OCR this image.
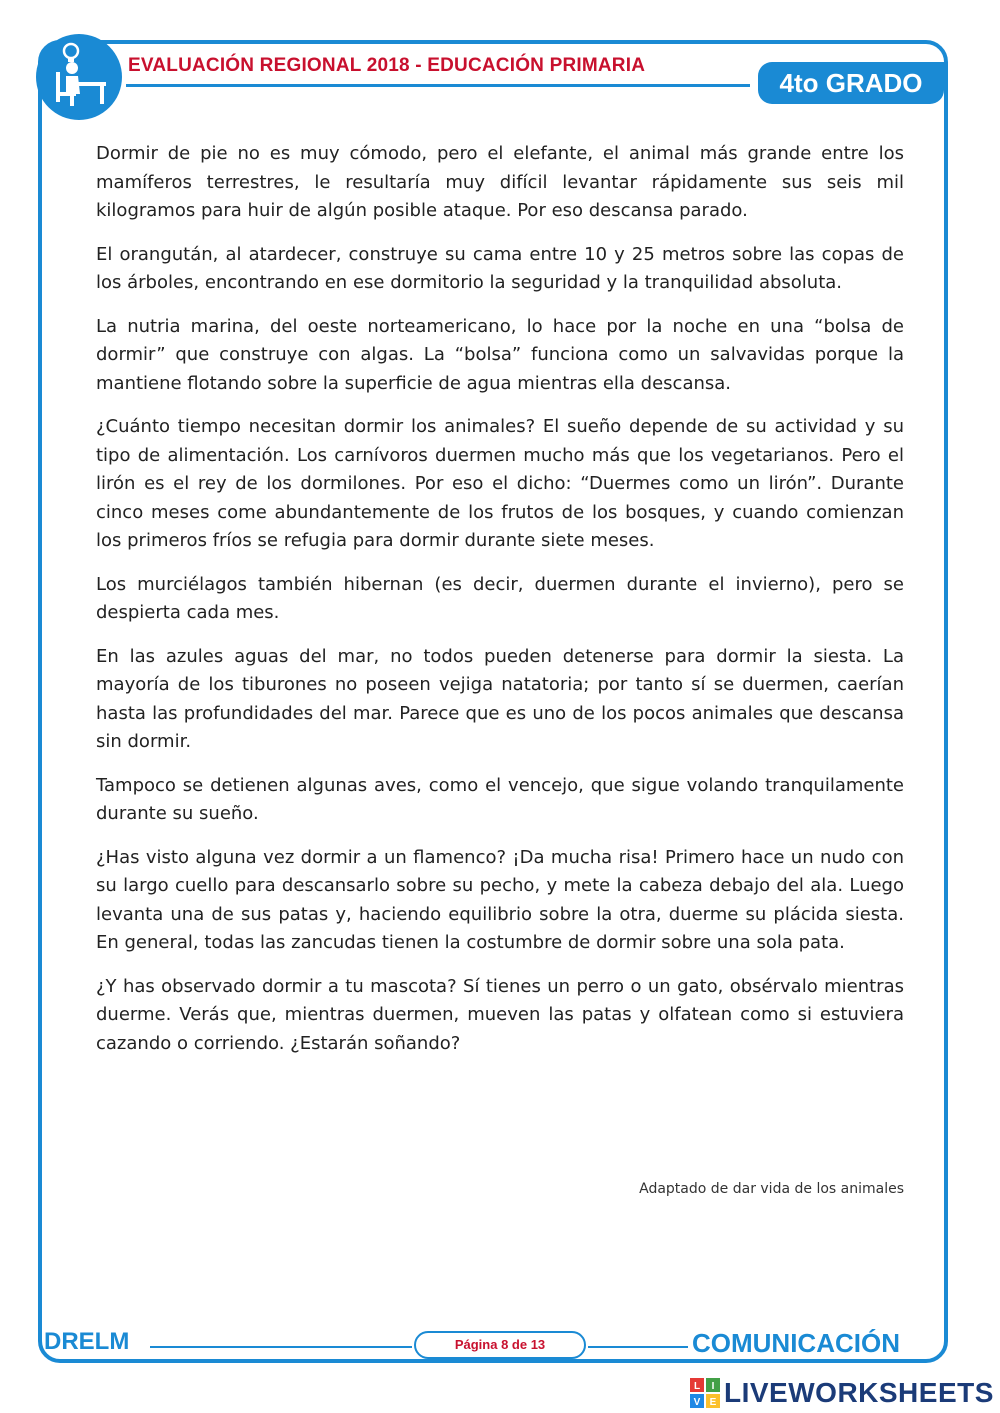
EVALUACIÓN REGIONAL 2018 - EDUCACIÓN PRIMARIA
4to GRADO

Dormir de pie no es muy cómodo, pero el elefante, el animal más grande entre los mamíferos terrestres, le resultaría muy difícil levantar rápidamente sus seis mil kilogramos para huir de algún posible ataque. Por eso descansa parado.

El orangután, al atardecer, construye su cama entre 10 y 25 metros sobre las copas de los árboles, encontrando en ese dormitorio la seguridad y la tranquilidad absoluta.

La nutria marina, del oeste norteamericano, lo hace por la noche en una “bolsa de dormir” que construye con algas. La “bolsa” funciona como un salvavidas porque la mantiene flotando sobre la superficie de agua mientras ella descansa.

¿Cuánto tiempo necesitan dormir los animales? El sueño depende de su actividad y su tipo de alimentación. Los carnívoros duermen mucho más que los vegetarianos. Pero el lirón es el rey de los dormilones. Por eso el dicho: “Duermes como un lirón”. Durante cinco meses come abundantemente de los frutos de los bosques, y cuando comienzan los primeros fríos se refugia para dormir durante siete meses.

Los murciélagos también hibernan (es decir, duermen durante el invierno), pero se despierta cada mes.

En las azules aguas del mar, no todos pueden detenerse para dormir la siesta. La mayoría de los tiburones no poseen vejiga natatoria; por tanto sí se duermen, caerían hasta las profundidades del mar. Parece que es uno de los pocos animales que descansa sin dormir.

Tampoco se detienen algunas aves, como el vencejo, que sigue volando tranquilamente durante su sueño.

¿Has visto alguna vez dormir a un flamenco? ¡Da mucha risa! Primero hace un nudo con su largo cuello para descansarlo sobre su pecho, y mete la cabeza debajo del ala. Luego levanta una de sus patas y, haciendo equilibrio sobre la otra, duerme su plácida siesta. En general, todas las zancudas tienen la costumbre de dormir sobre una sola pata.

¿Y has observado dormir a tu mascota? Sí tienes un perro o un gato, obsérvalo mientras duerme. Verás que, mientras duermen, mueven las patas y olfatean como si estuviera cazando o corriendo. ¿Estarán soñando?

Adaptado de dar vida de los animales
DRELM	Página 8 de 13	COMUNICACIÓN
L I
V E LIVEWORKSHEETS
